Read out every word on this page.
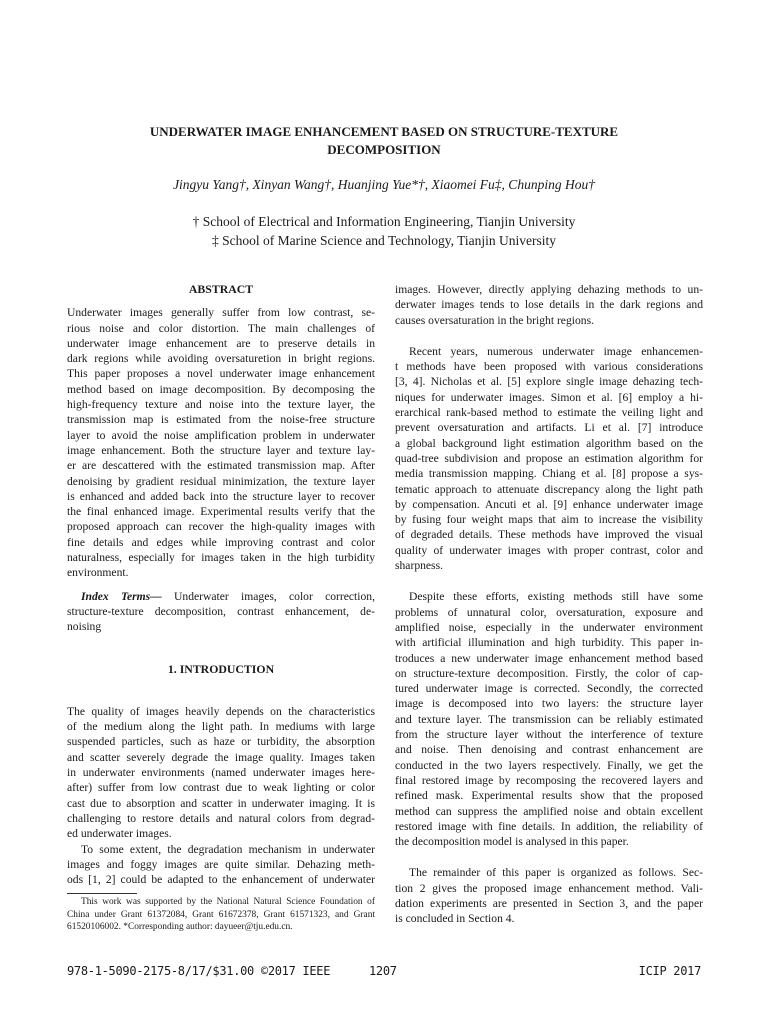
UNDERWATER IMAGE ENHANCEMENT BASED ON STRUCTURE-TEXTURE
DECOMPOSITION
Jingyu Yang†, Xinyan Wang†, Huanjing Yue*†, Xiaomei Fu‡, Chunping Hou†
† School of Electrical and Information Engineering, Tianjin University
‡ School of Marine Science and Technology, Tianjin University
ABSTRACT
Underwater images generally suffer from low contrast, se-
rious noise and color distortion. The main challenges of
underwater image enhancement are to preserve details in
dark regions while avoiding oversaturetion in bright regions.
This paper proposes a novel underwater image enhancement
method based on image decomposition. By decomposing the
high-frequency texture and noise into the texture layer, the
transmission map is estimated from the noise-free structure
layer to avoid the noise amplification problem in underwater
image enhancement. Both the structure layer and texture lay-
er are descattered with the estimated transmission map. After
denoising by gradient residual minimization, the texture layer
is enhanced and added back into the structure layer to recover
the final enhanced image. Experimental results verify that the
proposed approach can recover the high-quality images with
fine details and edges while improving contrast and color
naturalness, especially for images taken in the high turbidity
environment.
Index Terms— Underwater images, color correction,
structure-texture decomposition, contrast enhancement, de-
noising
1. INTRODUCTION
The quality of images heavily depends on the characteristics
of the medium along the light path. In mediums with large
suspended particles, such as haze or turbidity, the absorption
and scatter severely degrade the image quality. Images taken
in underwater environments (named underwater images here-
after) suffer from low contrast due to weak lighting or color
cast due to absorption and scatter in underwater imaging. It is
challenging to restore details and natural colors from degrad-
ed underwater images.
To some extent, the degradation mechanism in underwater
images and foggy images are quite similar. Dehazing meth-
ods [1, 2] could be adapted to the enhancement of underwater
This work was supported by the National Natural Science Foundation of
China under Grant 61372084, Grant 61672378, Grant 61571323, and Grant
61520106002. *Corresponding author: dayueer@tju.edu.cn.
images. However, directly applying dehazing methods to un-
derwater images tends to lose details in the dark regions and
causes oversaturation in the bright regions.
Recent years, numerous underwater image enhancemen-
t methods have been proposed with various considerations
[3, 4]. Nicholas et al. [5] explore single image dehazing tech-
niques for underwater images. Simon et al. [6] employ a hi-
erarchical rank-based method to estimate the veiling light and
prevent oversaturation and artifacts. Li et al. [7] introduce
a global background light estimation algorithm based on the
quad-tree subdivision and propose an estimation algorithm for
media transmission mapping. Chiang et al. [8] propose a sys-
tematic approach to attenuate discrepancy along the light path
by compensation. Ancuti et al. [9] enhance underwater image
by fusing four weight maps that aim to increase the visibility
of degraded details. These methods have improved the visual
quality of underwater images with proper contrast, color and
sharpness.
Despite these efforts, existing methods still have some
problems of unnatural color, oversaturation, exposure and
amplified noise, especially in the underwater environment
with artificial illumination and high turbidity. This paper in-
troduces a new underwater image enhancement method based
on structure-texture decomposition. Firstly, the color of cap-
tured underwater image is corrected. Secondly, the corrected
image is decomposed into two layers: the structure layer
and texture layer. The transmission can be reliably estimated
from the structure layer without the interference of texture
and noise. Then denoising and contrast enhancement are
conducted in the two layers respectively. Finally, we get the
final restored image by recomposing the recovered layers and
refined mask. Experimental results show that the proposed
method can suppress the amplified noise and obtain excellent
restored image with fine details. In addition, the reliability of
the decomposition model is analysed in this paper.
The remainder of this paper is organized as follows. Sec-
tion 2 gives the proposed image enhancement method. Vali-
dation experiments are presented in Section 3, and the paper
is concluded in Section 4.
978-1-5090-2175-8/17/$31.00 ©2017 IEEE	1207	ICIP 2017
